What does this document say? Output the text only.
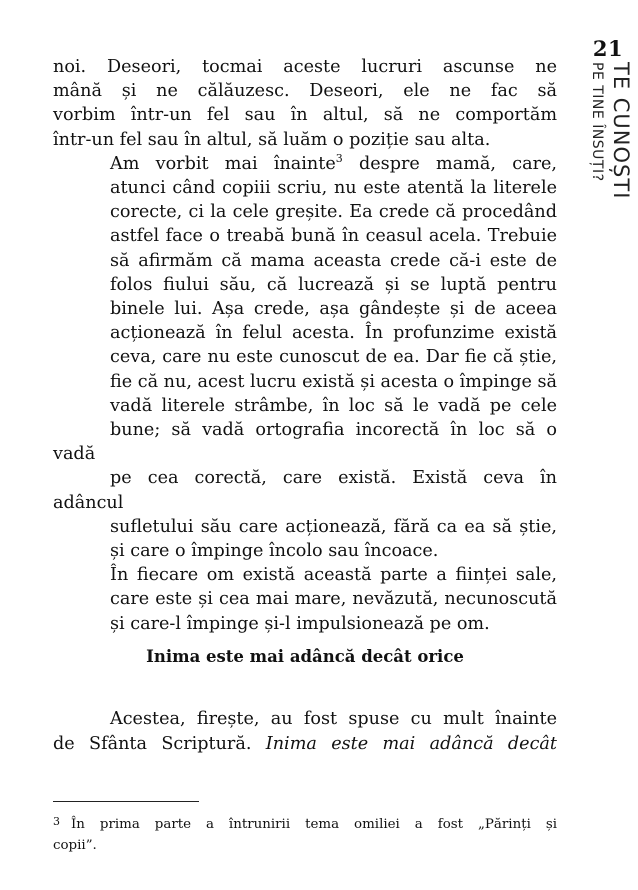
21
TE CUNOȘTI
PE TINE ÎNSUȚI?

noi. Deseori, tocmai aceste lucruri ascunse ne
mână și ne călăuzesc. Deseori, ele ne fac să
vorbim într-un fel sau în altul, să ne comportăm
într-un fel sau în altul, să luăm o poziție sau alta.

Am vorbit mai înainte$^3$ despre mamă, care,
atunci când copiii scriu, nu este atentă la literele
corecte, ci la cele greșite. Ea crede că procedând
astfel face o treabă bună în ceasul acela. Trebuie
să afirmăm că mama aceasta crede că-i este de
folos fiului său, că lucrează și se luptă pentru
binele lui. Așa crede, așa gândește și de aceea
acționează în felul acesta. În profunzime există
ceva, care nu este cunoscut de ea. Dar fie că știe,
fie că nu, acest lucru există și acesta o împinge să
vadă literele strâmbe, în loc să le vadă pe cele
bune; să vadă ortografia incorectă în loc să o vadă
pe cea corectă, care există. Există ceva în adâncul
sufletului său care acționează, fără ca ea să știe,
și care o împinge încolo sau încoace.

În fiecare om există această parte a ființei sale,
care este și cea mai mare, nevăzută, necunoscută
și care-l împinge și-l impulsionează pe om.

Inima este mai adâncă decât orice

Acestea, firește, au fost spuse cu mult înainte
de Sfânta Scriptură. Inima este mai adâncă decât

3 În prima parte a întrunirii tema omiliei a fost „Părinți și
copii”.
